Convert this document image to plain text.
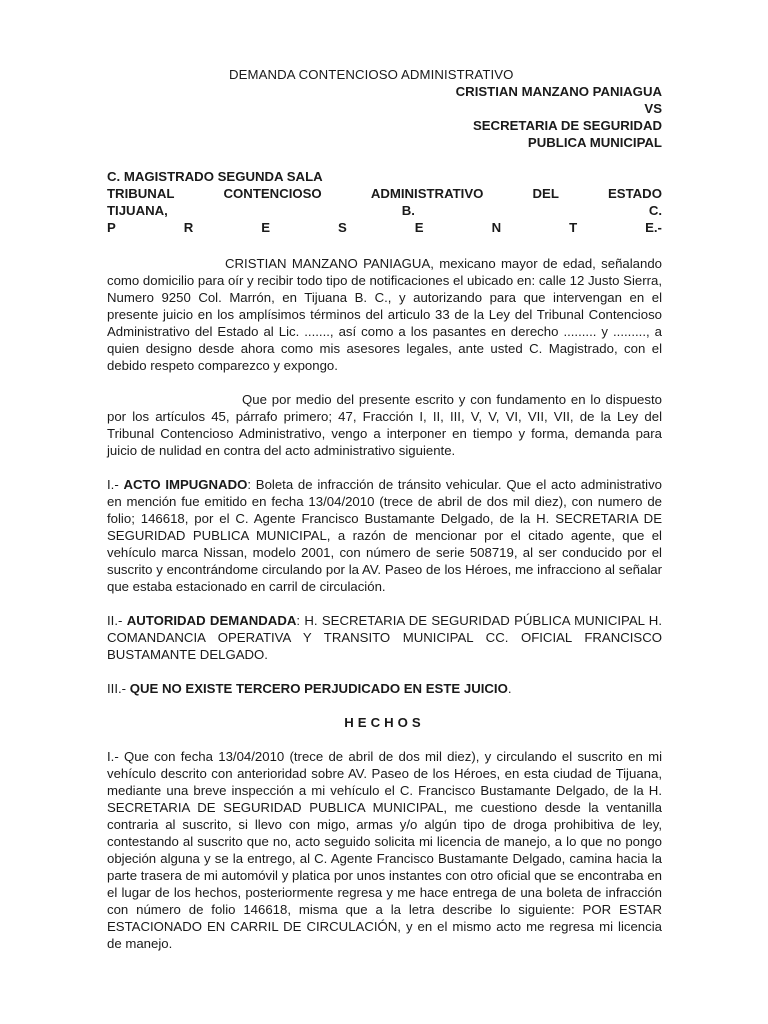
DEMANDA CONTENCIOSO ADMINISTRATIVO
CRISTIAN MANZANO PANIAGUA
VS
SECRETARIA DE SEGURIDAD
PUBLICA MUNICIPAL
C. MAGISTRADO SEGUNDA SALA
TRIBUNAL	CONTENCIOSO	ADMINISTRATIVO	DEL	ESTADO
TIJUANA,	B.	C.
P	R	E	S	E	N	T	E.-
CRISTIAN MANZANO PANIAGUA, mexicano mayor de edad, señalando como domicilio para oír y recibir todo tipo de notificaciones el ubicado en: calle 12 Justo Sierra, Numero 9250 Col. Marrón, en Tijuana B. C., y autorizando para que intervengan en el presente juicio en los amplísimos términos del articulo 33 de la Ley del Tribunal Contencioso Administrativo del Estado al Lic. ......., así como a los pasantes en derecho ......... y ........., a quien designo desde ahora como mis asesores legales, ante usted C. Magistrado, con el debido respeto comparezco y expongo.
Que por medio del presente escrito y con fundamento en lo dispuesto por los artículos 45, párrafo primero; 47, Fracción I, II, III, V, V, VI, VII, VII, de la Ley del Tribunal Contencioso Administrativo, vengo a interponer en tiempo y forma, demanda para juicio de nulidad en contra del acto administrativo siguiente.
I.- ACTO IMPUGNADO: Boleta de infracción de tránsito vehicular. Que el acto administrativo en mención fue emitido en fecha 13/04/2010 (trece de abril de dos mil diez), con numero de folio; 146618, por el C. Agente Francisco Bustamante Delgado, de la H. SECRETARIA DE SEGURIDAD PUBLICA MUNICIPAL, a razón de mencionar por el citado agente, que el vehículo marca Nissan, modelo 2001, con número de serie 508719, al ser conducido por el suscrito y encontrándome circulando por la AV. Paseo de los Héroes, me infracciono al señalar que estaba estacionado en carril de circulación.
II.- AUTORIDAD DEMANDADA: H. SECRETARIA DE SEGURIDAD PÚBLICA MUNICIPAL H. COMANDANCIA OPERATIVA Y TRANSITO MUNICIPAL CC. OFICIAL FRANCISCO BUSTAMANTE DELGADO.
III.- QUE NO EXISTE TERCERO PERJUDICADO EN ESTE JUICIO.
HECHOS
I.- Que con fecha 13/04/2010 (trece de abril de dos mil diez), y circulando el suscrito en mi vehículo descrito con anterioridad sobre AV. Paseo de los Héroes, en esta ciudad de Tijuana, mediante una breve inspección a mi vehículo el C. Francisco Bustamante Delgado, de la H. SECRETARIA DE SEGURIDAD PUBLICA MUNICIPAL, me cuestiono desde la ventanilla contraria al suscrito, si llevo con migo, armas y/o algún tipo de droga prohibitiva de ley, contestando al suscrito que no, acto seguido solicita mi licencia de manejo, a lo que no pongo objeción alguna y se la entrego, al C. Agente Francisco Bustamante Delgado, camina hacia la parte trasera de mi automóvil y platica por unos instantes con otro oficial que se encontraba en el lugar de los hechos, posteriormente regresa y me hace entrega de una boleta de infracción con número de folio 146618, misma que a la letra describe lo siguiente: POR ESTAR ESTACIONADO EN CARRIL DE CIRCULACIÓN, y en el mismo acto me regresa mi licencia de manejo.
